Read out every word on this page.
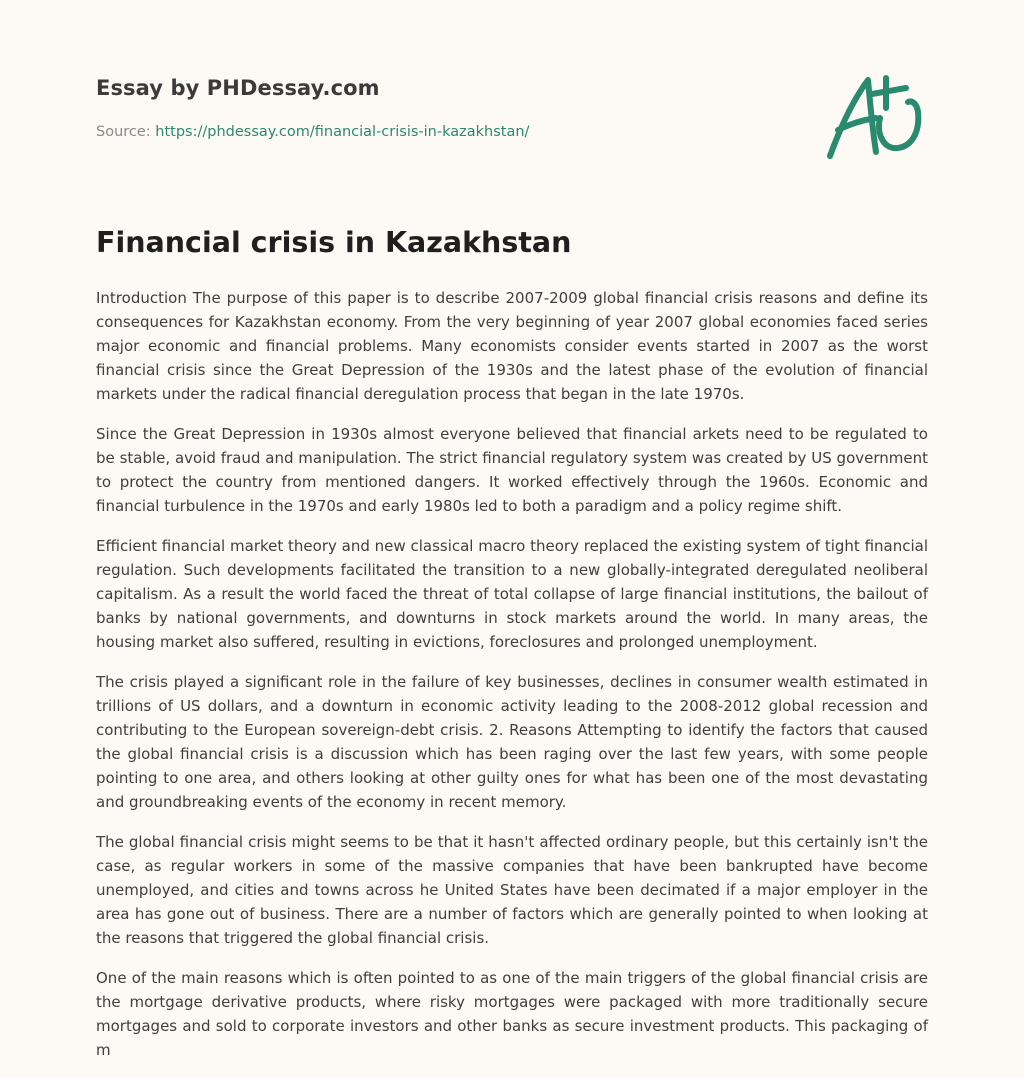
Essay by PHDessay.com
Source: https://phdessay.com/financial-crisis-in-kazakhstan/
Financial crisis in Kazakhstan

Introduction The purpose of this paper is to describe 2007-2009 global financial crisis reasons and define its consequences for Kazakhstan economy. From the very beginning of year 2007 global economies faced series major economic and financial problems. Many economists consider events started in 2007 as the worst financial crisis since the Great Depression of the 1930s and the latest phase of the evolution of financial markets under the radical financial deregulation process that began in the late 1970s.

Since the Great Depression in 1930s almost everyone believed that financial arkets need to be regulated to be stable, avoid fraud and manipulation. The strict financial regulatory system was created by US government to protect the country from mentioned dangers. It worked effectively through the 1960s. Economic and financial turbulence in the 1970s and early 1980s led to both a paradigm and a policy regime shift.

Efficient financial market theory and new classical macro theory replaced the existing system of tight financial regulation. Such developments facilitated the transition to a new globally-integrated deregulated neoliberal capitalism. As a result the world faced the threat of total collapse of large financial institutions, the bailout of banks by national governments, and downturns in stock markets around the world. In many areas, the housing market also suffered, resulting in evictions, foreclosures and prolonged unemployment.

The crisis played a significant role in the failure of key businesses, declines in consumer wealth estimated in trillions of US dollars, and a downturn in economic activity leading to the 2008-2012 global recession and contributing to the European sovereign-debt crisis. 2. Reasons Attempting to identify the factors that caused the global financial crisis is a discussion which has been raging over the last few years, with some people pointing to one area, and others looking at other guilty ones for what has been one of the most devastating and groundbreaking events of the economy in recent memory.

The global financial crisis might seems to be that it hasn't affected ordinary people, but this certainly isn't the case, as regular workers in some of the massive companies that have been bankrupted have become unemployed, and cities and towns across he United States have been decimated if a major employer in the area has gone out of business. There are a number of factors which are generally pointed to when looking at the reasons that triggered the global financial crisis.

One of the main reasons which is often pointed to as one of the main triggers of the global financial crisis are the mortgage derivative products, where risky mortgages were packaged with more traditionally secure mortgages and sold to corporate investors and other banks as secure investment products. This packaging of m
